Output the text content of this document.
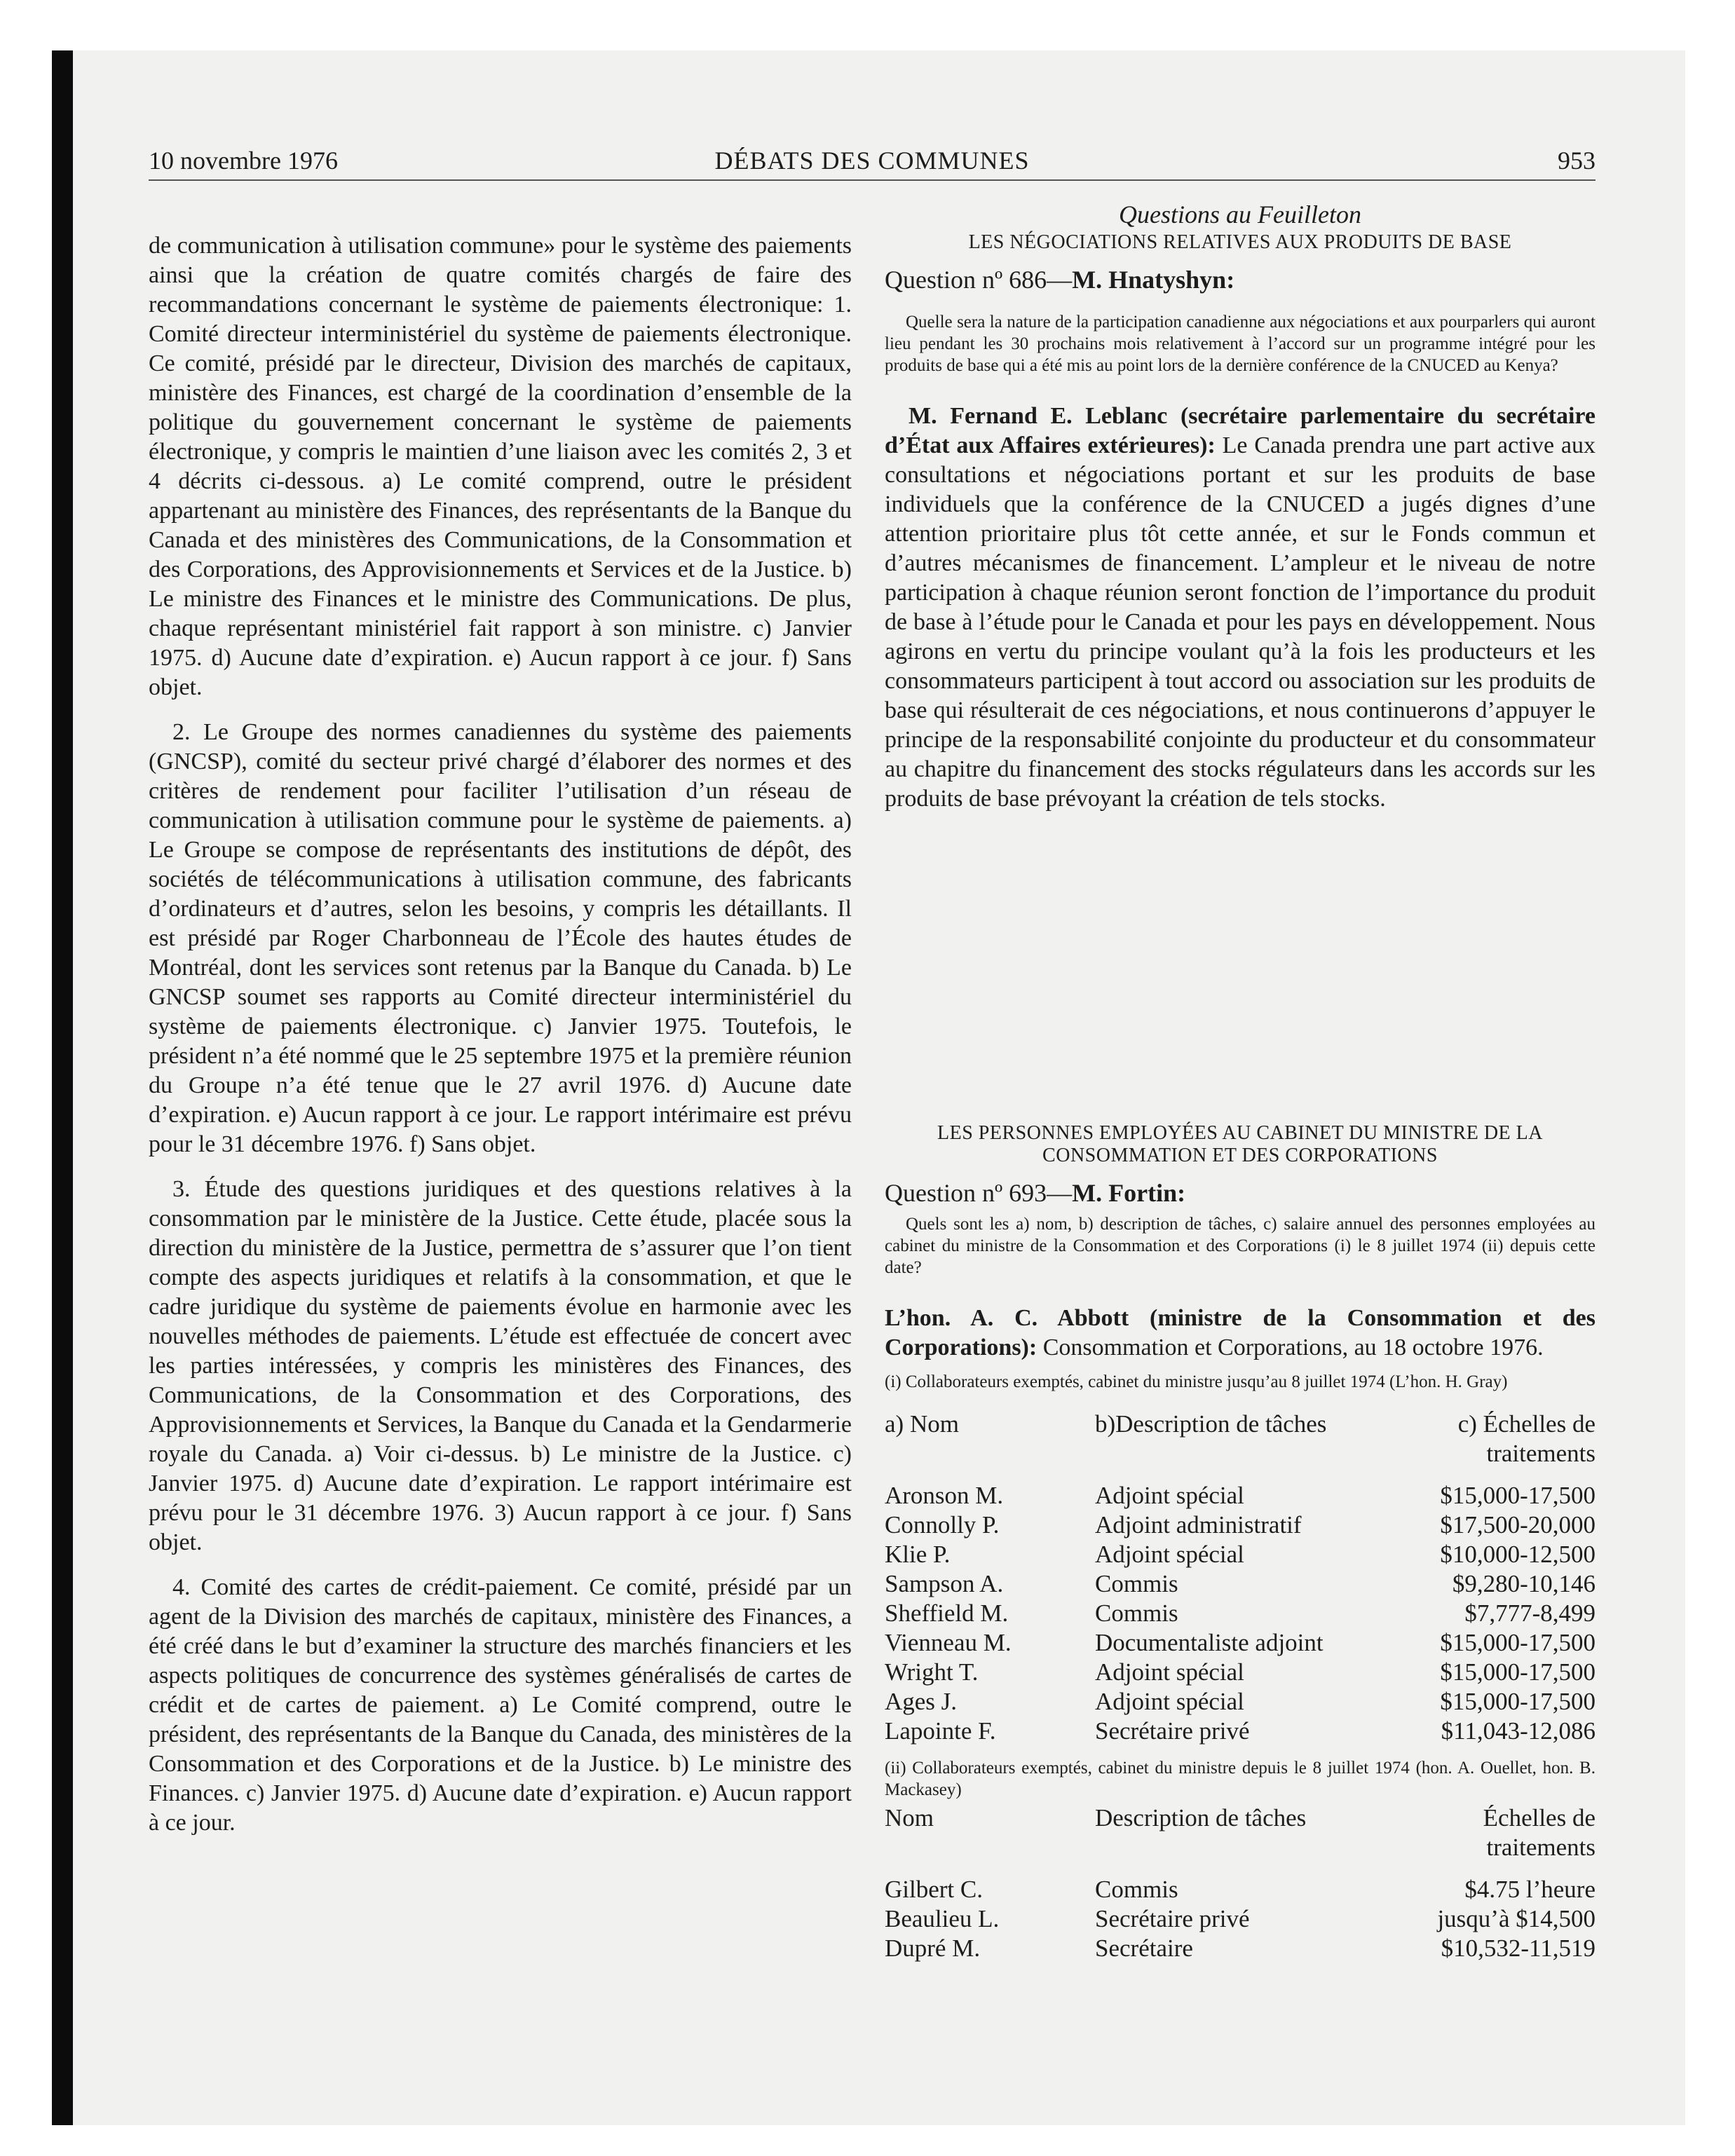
10 novembre 1976	DÉBATS DES COMMUNES	953

de communication à utilisation commune» pour le système des paiements ainsi que la création de quatre comités chargés de faire des recommandations concernant le système de paiements électronique: 1. Comité directeur interministériel du système de paiements électronique. Ce comité, présidé par le directeur, Division des marchés de capitaux, ministère des Finances, est chargé de la coordination d’ensemble de la politique du gouvernement concernant le système de paiements électronique, y compris le maintien d’une liaison avec les comités 2, 3 et 4 décrits ci-dessous. a) Le comité comprend, outre le président appartenant au ministère des Finances, des représentants de la Banque du Canada et des ministères des Communications, de la Consommation et des Corporations, des Approvisionnements et Services et de la Justice. b) Le ministre des Finances et le ministre des Communications. De plus, chaque représentant ministériel fait rapport à son ministre. c) Janvier 1975. d) Aucune date d’expiration. e) Aucun rapport à ce jour. f) Sans objet.

2. Le Groupe des normes canadiennes du système des paiements (GNCSP), comité du secteur privé chargé d’élaborer des normes et des critères de rendement pour faciliter l’utilisation d’un réseau de communication à utilisation commune pour le système de paiements. a) Le Groupe se compose de représentants des institutions de dépôt, des sociétés de télécommunications à utilisation commune, des fabricants d’ordinateurs et d’autres, selon les besoins, y compris les détaillants. Il est présidé par Roger Charbonneau de l’École des hautes études de Montréal, dont les services sont retenus par la Banque du Canada. b) Le GNCSP soumet ses rapports au Comité directeur interministériel du système de paiements électronique. c) Janvier 1975. Toutefois, le président n’a été nommé que le 25 septembre 1975 et la première réunion du Groupe n’a été tenue que le 27 avril 1976. d) Aucune date d’expiration. e) Aucun rapport à ce jour. Le rapport intérimaire est prévu pour le 31 décembre 1976. f) Sans objet.

3. Étude des questions juridiques et des questions relatives à la consommation par le ministère de la Justice. Cette étude, placée sous la direction du ministère de la Justice, permettra de s’assurer que l’on tient compte des aspects juridiques et relatifs à la consommation, et que le cadre juridique du système de paiements évolue en harmonie avec les nouvelles méthodes de paiements. L’étude est effectuée de concert avec les parties intéressées, y compris les ministères des Finances, des Communications, de la Consommation et des Corporations, des Approvisionnements et Services, la Banque du Canada et la Gendarmerie royale du Canada. a) Voir ci-dessus. b) Le ministre de la Justice. c) Janvier 1975. d) Aucune date d’expiration. Le rapport intérimaire est prévu pour le 31 décembre 1976. 3) Aucun rapport à ce jour. f) Sans objet.

4. Comité des cartes de crédit-paiement. Ce comité, présidé par un agent de la Division des marchés de capitaux, ministère des Finances, a été créé dans le but d’examiner la structure des marchés financiers et les aspects politiques de concurrence des systèmes généralisés de cartes de crédit et de cartes de paiement. a) Le Comité comprend, outre le président, des représentants de la Banque du Canada, des ministères de la Consommation et des Corporations et de la Justice. b) Le ministre des Finances. c) Janvier 1975. d) Aucune date d’expiration. e) Aucun rapport à ce jour.

Questions au Feuilleton
LES NÉGOCIATIONS RELATIVES AUX PRODUITS DE BASE
Question nº 686—M. Hnatyshyn:

Quelle sera la nature de la participation canadienne aux négociations et aux pourparlers qui auront lieu pendant les 30 prochains mois relativement à l’accord sur un programme intégré pour les produits de base qui a été mis au point lors de la dernière conférence de la CNUCED au Kenya?

M. Fernand E. Leblanc (secrétaire parlementaire du secrétaire d’État aux Affaires extérieures): Le Canada prendra une part active aux consultations et négociations portant et sur les produits de base individuels que la conférence de la CNUCED a jugés dignes d’une attention prioritaire plus tôt cette année, et sur le Fonds commun et d’autres mécanismes de financement. L’ampleur et le niveau de notre participation à chaque réunion seront fonction de l’importance du produit de base à l’étude pour le Canada et pour les pays en développement. Nous agirons en vertu du principe voulant qu’à la fois les producteurs et les consommateurs participent à tout accord ou association sur les produits de base qui résulterait de ces négociations, et nous continuerons d’appuyer le principe de la responsabilité conjointe du producteur et du consommateur au chapitre du financement des stocks régulateurs dans les accords sur les produits de base prévoyant la création de tels stocks.

LES PERSONNES EMPLOYÉES AU CABINET DU MINISTRE DE LA CONSOMMATION ET DES CORPORATIONS
Question nº 693—M. Fortin:

Quels sont les a) nom, b) description de tâches, c) salaire annuel des personnes employées au cabinet du ministre de la Consommation et des Corporations (i) le 8 juillet 1974 (ii) depuis cette date?

L’hon. A. C. Abbott (ministre de la Consommation et des Corporations): Consommation et Corporations, au 18 octobre 1976.

(i) Collaborateurs exemptés, cabinet du ministre jusqu’au 8 juillet 1974 (L’hon. H. Gray)

a) Nom	b)Description de tâches	c) Échelles de traitements
Aronson M.	Adjoint spécial	$15,000-17,500
Connolly P.	Adjoint administratif	$17,500-20,000
Klie P.	Adjoint spécial	$10,000-12,500
Sampson A.	Commis	$9,280-10,146
Sheffield M.	Commis	$7,777-8,499
Vienneau M.	Documentaliste adjoint	$15,000-17,500
Wright T.	Adjoint spécial	$15,000-17,500
Ages J.	Adjoint spécial	$15,000-17,500
Lapointe F.	Secrétaire privé	$11,043-12,086

(ii) Collaborateurs exemptés, cabinet du ministre depuis le 8 juillet 1974 (hon. A. Ouellet, hon. B. Mackasey)

Nom	Description de tâches	Échelles de traitements
Gilbert C.	Commis	$4.75 l’heure
Beaulieu L.	Secrétaire privé	jusqu’à $14,500
Dupré M.	Secrétaire	$10,532-11,519
